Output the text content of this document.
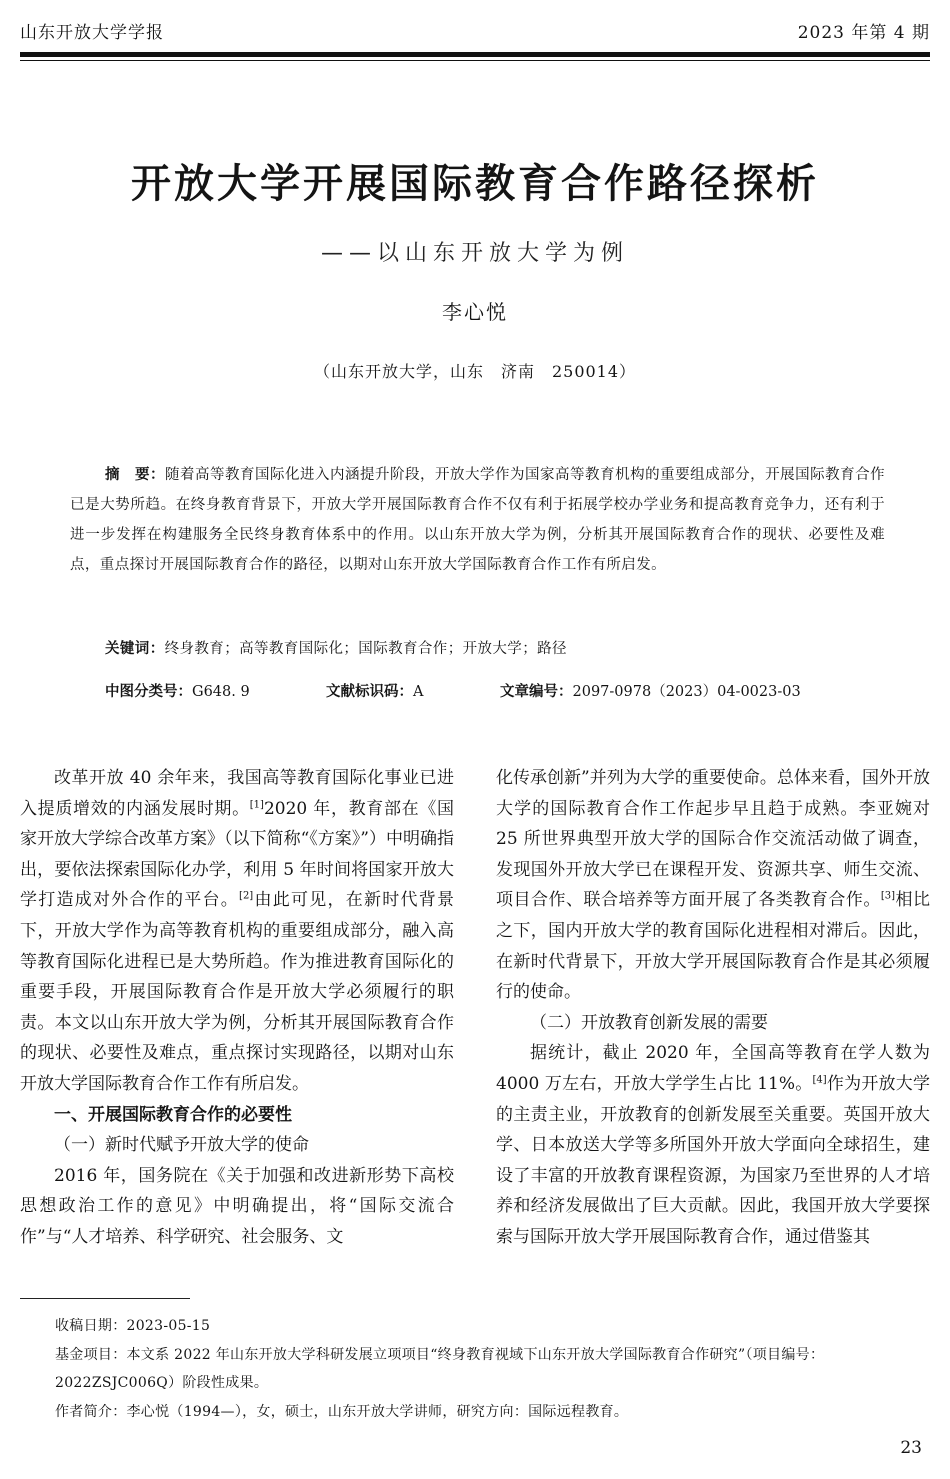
山东开放大学学报	2023 年第 4 期
开放大学开展国际教育合作路径探析
——以山东开放大学为例
李心悦
（山东开放大学，山东　济南　250014）
摘　要：随着高等教育国际化进入内涵提升阶段，开放大学作为国家高等教育机构的重要组成部分，开展国际教育合作已是大势所趋。在终身教育背景下，开放大学开展国际教育合作不仅有利于拓展学校办学业务和提高教育竞争力，还有利于进一步发挥在构建服务全民终身教育体系中的作用。以山东开放大学为例，分析其开展国际教育合作的现状、必要性及难点，重点探讨开展国际教育合作的路径，以期对山东开放大学国际教育合作工作有所启发。
关键词：终身教育；高等教育国际化；国际教育合作；开放大学；路径
中图分类号：G648. 9	文献标识码：A	文章编号：2097-0978（2023）04-0023-03

改革开放 40 余年来，我国高等教育国际化事业已进入提质增效的内涵发展时期。[1]2020 年，教育部在《国家开放大学综合改革方案》（以下简称“《方案》”）中明确指出，要依法探索国际化办学，利用 5 年时间将国家开放大学打造成对外合作的平台。[2]由此可见，在新时代背景下，开放大学作为高等教育机构的重要组成部分，融入高等教育国际化进程已是大势所趋。作为推进教育国际化的重要手段，开展国际教育合作是开放大学必须履行的职责。本文以山东开放大学为例，分析其开展国际教育合作的现状、必要性及难点，重点探讨实现路径，以期对山东开放大学国际教育合作工作有所启发。

一、开展国际教育合作的必要性
（一）新时代赋予开放大学的使命

2016 年，国务院在《关于加强和改进新形势下高校思想政治工作的意见》中明确提出，将“国际交流合作”与“人才培养、科学研究、社会服务、文

化传承创新”并列为大学的重要使命。总体来看，国外开放大学的国际教育合作工作起步早且趋于成熟。李亚婉对 25 所世界典型开放大学的国际合作交流活动做了调查，发现国外开放大学已在课程开发、资源共享、师生交流、项目合作、联合培养等方面开展了各类教育合作。[3]相比之下，国内开放大学的教育国际化进程相对滞后。因此，在新时代背景下，开放大学开展国际教育合作是其必须履行的使命。

（二）开放教育创新发展的需要

据统计，截止 2020 年，全国高等教育在学人数为 4000 万左右，开放大学学生占比 11%。[4]作为开放大学的主责主业，开放教育的创新发展至关重要。英国开放大学、日本放送大学等多所国外开放大学面向全球招生，建设了丰富的开放教育课程资源，为国家乃至世界的人才培养和经济发展做出了巨大贡献。因此，我国开放大学要探索与国际开放大学开展国际教育合作，通过借鉴其

收稿日期：2023-05-15

基金项目：本文系 2022 年山东开放大学科研发展立项项目“终身教育视域下山东开放大学国际教育合作研究”（项目编号：2022ZSJC006Q）阶段性成果。

作者简介：李心悦（1994—），女，硕士，山东开放大学讲师，研究方向：国际远程教育。

23
